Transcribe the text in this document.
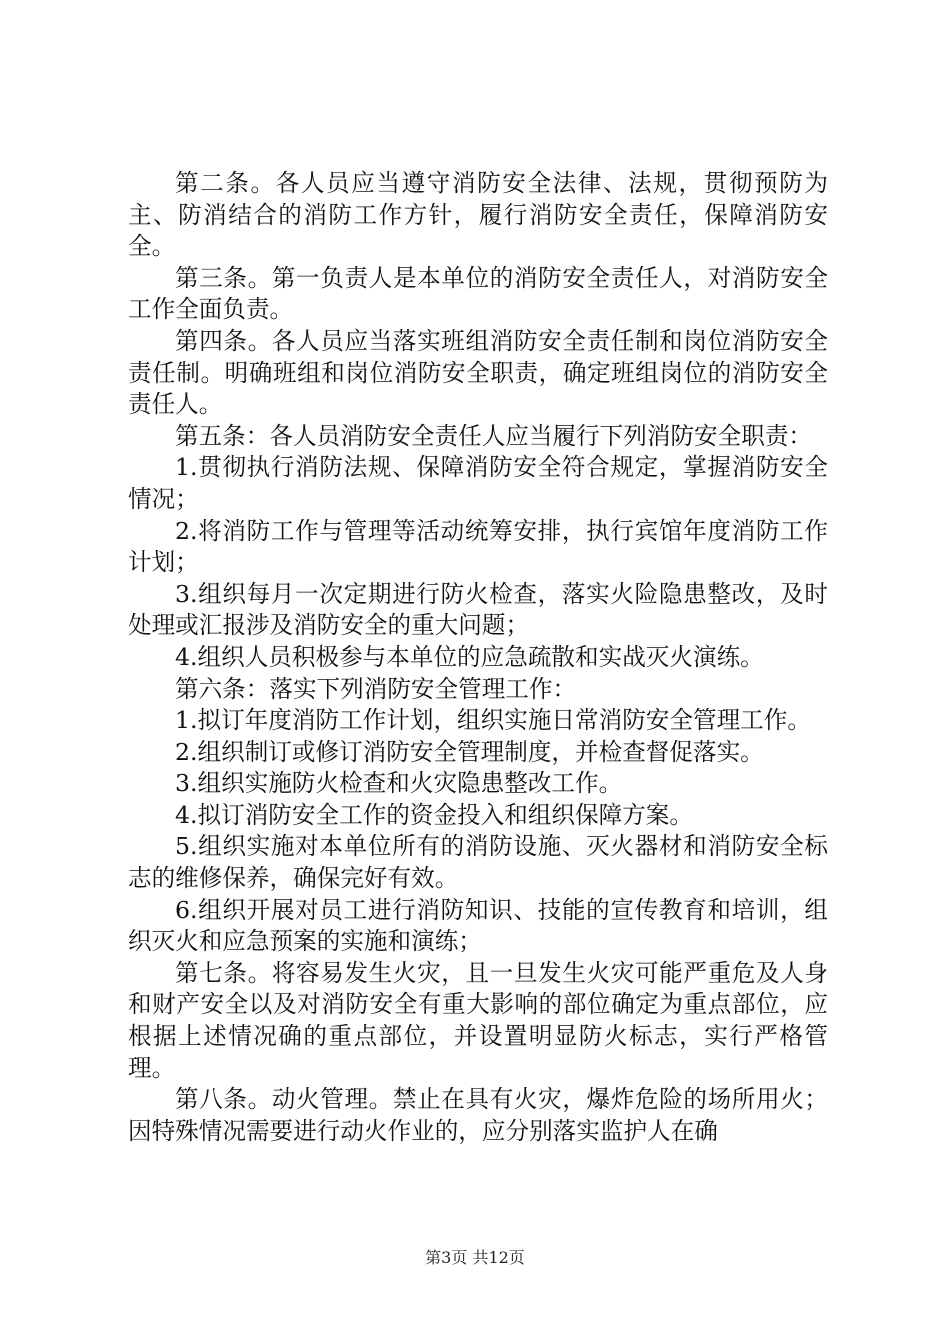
第二条。各人员应当遵守消防安全法律、法规，贯彻预防为主、防消结合的消防工作方针，履行消防安全责任，保障消防安全。

第三条。第一负责人是本单位的消防安全责任人，对消防安全工作全面负责。

第四条。各人员应当落实班组消防安全责任制和岗位消防安全责任制。明确班组和岗位消防安全职责，确定班组岗位的消防安全责任人。

第五条：各人员消防安全责任人应当履行下列消防安全职责：

1.贯彻执行消防法规、保障消防安全符合规定，掌握消防安全情况；

2.将消防工作与管理等活动统筹安排，执行宾馆年度消防工作计划；

3.组织每月一次定期进行防火检查，落实火险隐患整改，及时处理或汇报涉及消防安全的重大问题；

4.组织人员积极参与本单位的应急疏散和实战灭火演练。

第六条：落实下列消防安全管理工作：

1.拟订年度消防工作计划，组织实施日常消防安全管理工作。

2.组织制订或修订消防安全管理制度，并检查督促落实。

3.组织实施防火检查和火灾隐患整改工作。

4.拟订消防安全工作的资金投入和组织保障方案。

5.组织实施对本单位所有的消防设施、灭火器材和消防安全标志的维修保养，确保完好有效。

6.组织开展对员工进行消防知识、技能的宣传教育和培训，组织灭火和应急预案的实施和演练；

第七条。将容易发生火灾，且一旦发生火灾可能严重危及人身和财产安全以及对消防安全有重大影响的部位确定为重点部位，应根据上述情况确的重点部位，并设置明显防火标志，实行严格管理。

第八条。动火管理。禁止在具有火灾，爆炸危险的场所用火；因特殊情况需要进行动火作业的，应分别落实监护人在确

第3页 共12页
